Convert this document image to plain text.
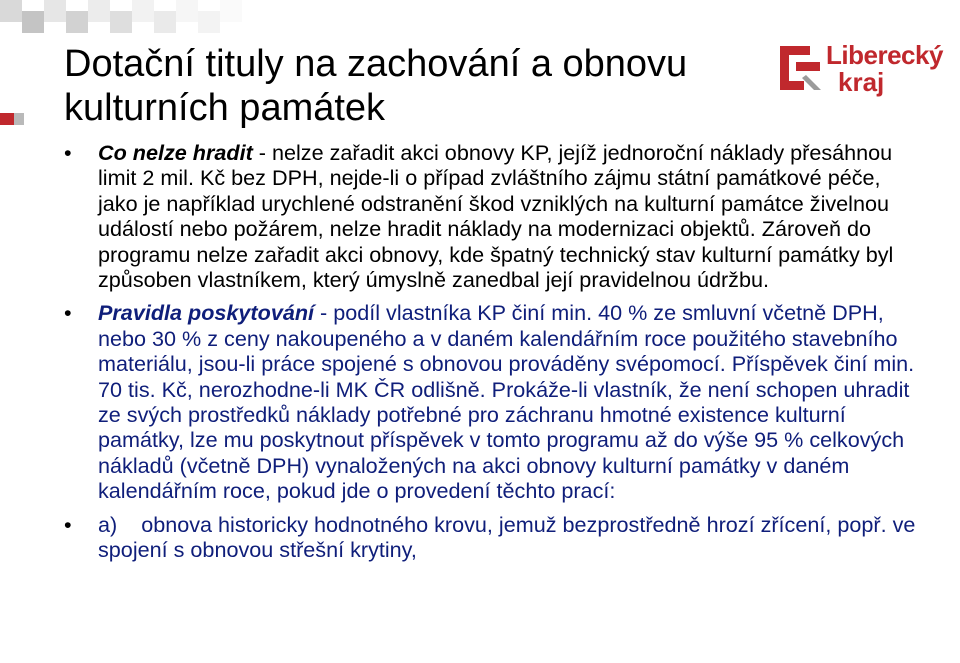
Dotační tituly na zachování a obnovu kulturních památek
Liberecký
kraj

• Co nelze hradit - nelze zařadit akci obnovy KP, jejíž jednoroční náklady přesáhnou limit 2 mil. Kč bez DPH, nejde-li o případ zvláštního zájmu státní památkové péče, jako je například urychlené odstranění škod vzniklých na kulturní památce živelnou událostí nebo požárem, nelze hradit náklady na modernizaci objektů. Zároveň do programu nelze zařadit akci obnovy, kde špatný technický stav kulturní památky byl způsoben vlastníkem, který úmyslně zanedbal její pravidelnou údržbu.

• Pravidla poskytování - podíl vlastníka KP činí min. 40 % ze smluvní včetně DPH, nebo 30 % z ceny nakoupeného a v daném kalendářním roce použitého stavebního materiálu, jsou-li práce spojené s obnovou prováděny svépomocí. Příspěvek činí min. 70 tis. Kč, nerozhodne-li MK ČR odlišně. Prokáže-li vlastník, že není schopen uhradit ze svých prostředků náklady potřebné pro záchranu hmotné existence kulturní památky, lze mu poskytnout příspěvek v tomto programu až do výše 95 % celkových nákladů (včetně DPH) vynaložených na akci obnovy kulturní památky v daném kalendářním roce, pokud jde o provedení těchto prací:

• a)    obnova historicky hodnotného krovu, jemuž bezprostředně hrozí zřícení, popř. ve spojení s obnovou střešní krytiny,
